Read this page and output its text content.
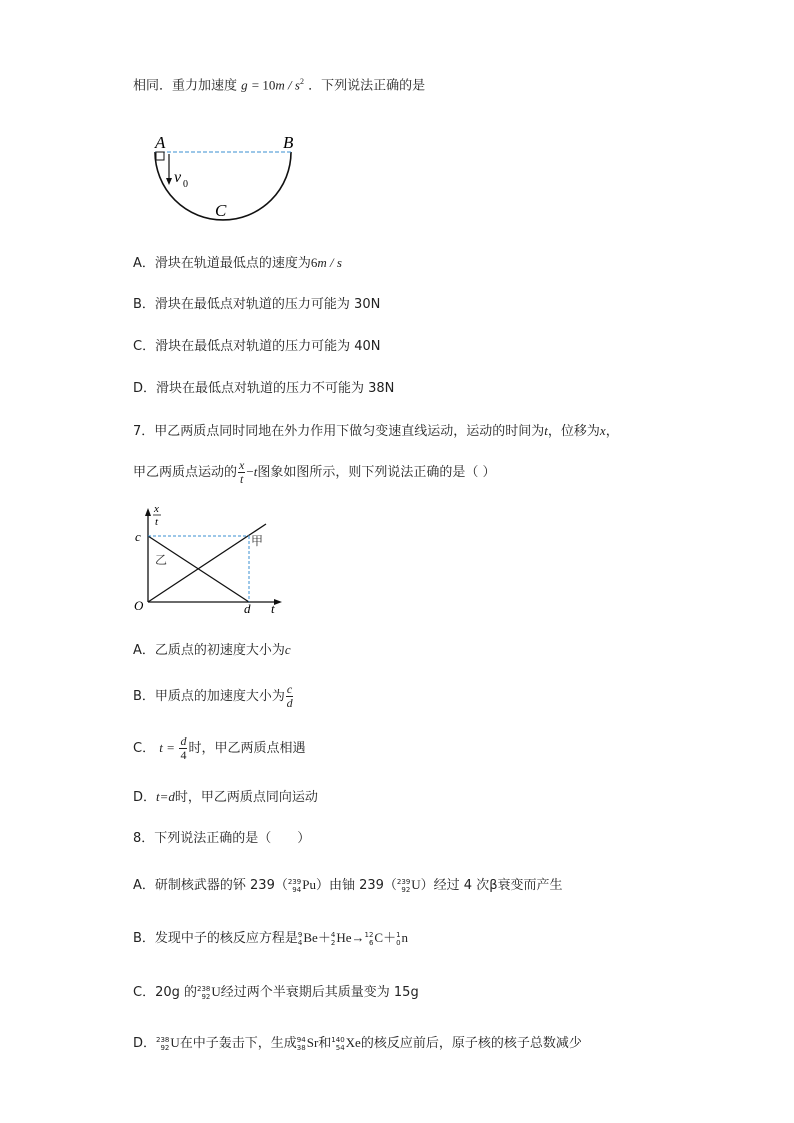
相同．重力加速度 $g = 10m / s^2$ ．下列说法正确的是
A	B
C
v 0
A．滑块在轨道最低点的速度为6m / s
B．滑块在最低点对轨道的压力可能为 30N
C．滑块在最低点对轨道的压力可能为 40N
D．滑块在最低点对轨道的压力不可能为 38N
7．甲乙两质点同时同地在外力作用下做匀变速直线运动，运动的时间为t，位移为x，
甲乙两质点运动的 $\frac{x}{t} -t$图象如图所示，则下列说法正确的是（ ）
x
t
c
O	d t
甲
乙
A．乙质点的初速度大小为c
B．甲质点的加速度大小为 $\frac{c}{d}$
C． $t = \frac{d}{4}$ 时，甲乙两质点相遇
D．t=d时，甲乙两质点同向运动
8．下列说法正确的是（　　）
A．研制核武器的钚 239（ 239
94 Pu）由铀 239（ 239
92 U）经过 4 次β衰变而产生
B．发现中子的核反应方程是 9
4 Be＋ 4
2 He→ 12
6 C＋ 1
0 n
C．20g 的 238
92 U经过两个半衰期后其质量变为 15g
D． 238
92 U在中子轰击下，生成 94
38 Sr和 140
54 Xe的核反应前后，原子核的核子总数减少
